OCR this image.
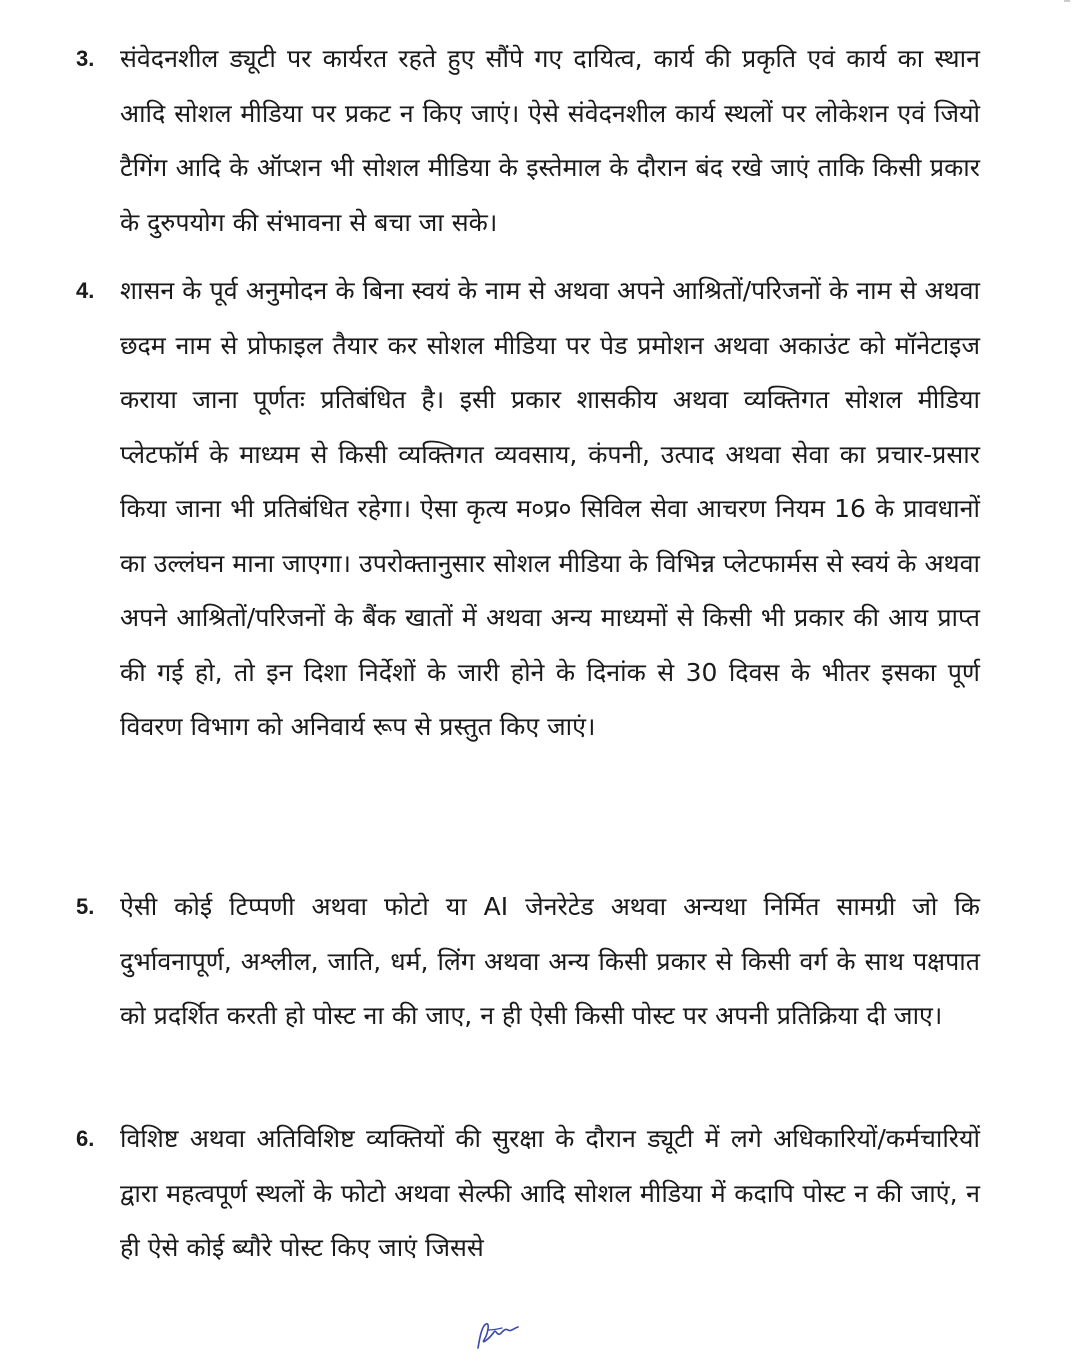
3. संवेदनशील ड्यूटी पर कार्यरत रहते हुए सौंपे गए दायित्व, कार्य की प्रकृति एवं कार्य का स्थान आदि सोशल मीडिया पर प्रकट न किए जाएं। ऐसे संवेदनशील कार्य स्थलों पर लोकेशन एवं जियो टैगिंग आदि के ऑप्शन भी सोशल मीडिया के इस्तेमाल के दौरान बंद रखे जाएं ताकि किसी प्रकार के दुरुपयोग की संभावना से बचा जा सके।

4. शासन के पूर्व अनुमोदन के बिना स्वयं के नाम से अथवा अपने आश्रितों/परिजनों के नाम से अथवा छदम नाम से प्रोफाइल तैयार कर सोशल मीडिया पर पेड प्रमोशन अथवा अकाउंट को मॉनेटाइज कराया जाना पूर्णतः प्रतिबंधित है। इसी प्रकार शासकीय अथवा व्यक्तिगत सोशल मीडिया प्लेटफॉर्म के माध्यम से किसी व्यक्तिगत व्यवसाय, कंपनी, उत्पाद अथवा सेवा का प्रचार-प्रसार किया जाना भी प्रतिबंधित रहेगा। ऐसा कृत्य म०प्र० सिविल सेवा आचरण नियम 16 के प्रावधानों का उल्लंघन माना जाएगा। उपरोक्तानुसार सोशल मीडिया के विभिन्न प्लेटफार्मस से स्वयं के अथवा अपने आश्रितों/परिजनों के बैंक खातों में अथवा अन्य माध्यमों से किसी भी प्रकार की आय प्राप्त की गई हो, तो इन दिशा निर्देशों के जारी होने के दिनांक से 30 दिवस के भीतर इसका पूर्ण विवरण विभाग को अनिवार्य रूप से प्रस्तुत किए जाएं।

5. ऐसी कोई टिप्पणी अथवा फोटो या AI जेनरेटेड अथवा अन्यथा निर्मित सामग्री जो कि दुर्भावनापूर्ण, अश्लील, जाति, धर्म, लिंग अथवा अन्य किसी प्रकार से किसी वर्ग के साथ पक्षपात को प्रदर्शित करती हो पोस्ट ना की जाए, न ही ऐसी किसी पोस्ट पर अपनी प्रतिक्रिया दी जाए।

6. विशिष्ट अथवा अतिविशिष्ट व्यक्तियों की सुरक्षा के दौरान ड्यूटी में लगे अधिकारियों/कर्मचारियों द्वारा महत्वपूर्ण स्थलों के फोटो अथवा सेल्फी आदि सोशल मीडिया में कदापि पोस्ट न की जाएं, न ही ऐसे कोई ब्यौरे पोस्ट किए जाएं जिससे
